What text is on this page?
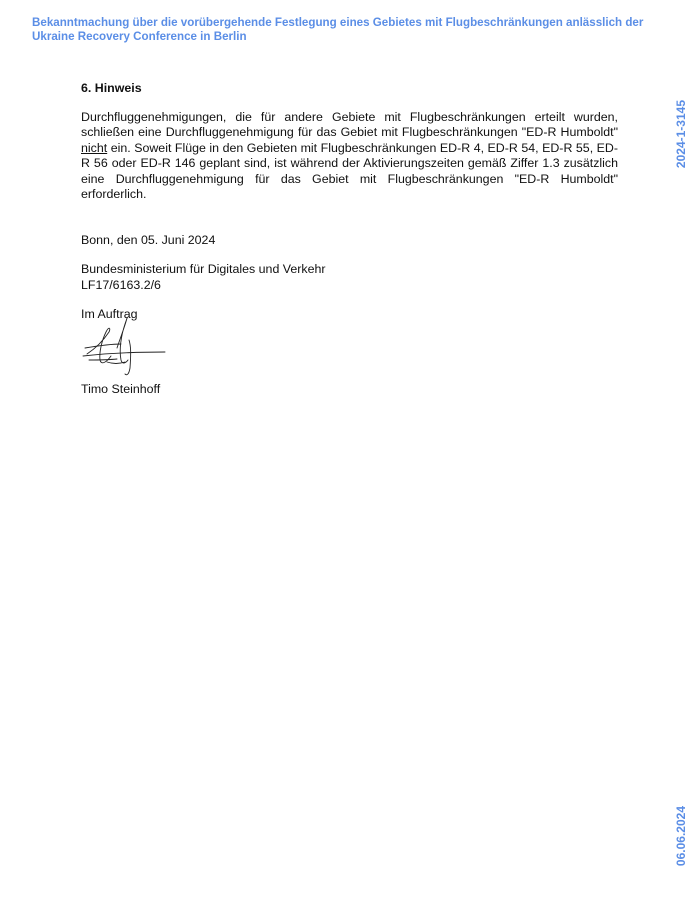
Bekanntmachung über die vorübergehende Festlegung eines Gebietes mit Flugbeschränkungen anlässlich der Ukraine Recovery Conference in Berlin
2024-1-3145

6. Hinweis

Durchfluggenehmigungen, die für andere Gebiete mit Flugbeschränkungen erteilt wurden, schließen eine Durchfluggenehmigung für das Gebiet mit Flugbeschränkungen "ED-R Humboldt" nicht ein. Soweit Flüge in den Gebieten mit Flugbeschränkungen ED-R 4, ED-R 54, ED-R 55, ED-R 56 oder ED-R 146 geplant sind, ist während der Aktivierungszeiten gemäß Ziffer 1.3 zusätzlich eine Durchfluggenehmigung für das Gebiet mit Flugbeschränkungen "ED-R Humboldt" erforderlich.

Bonn, den 05. Juni 2024

Bundesministerium für Digitales und Verkehr

LF17/6163.2/6

Im Auftrag

Timo Steinhoff
06.06.2024
